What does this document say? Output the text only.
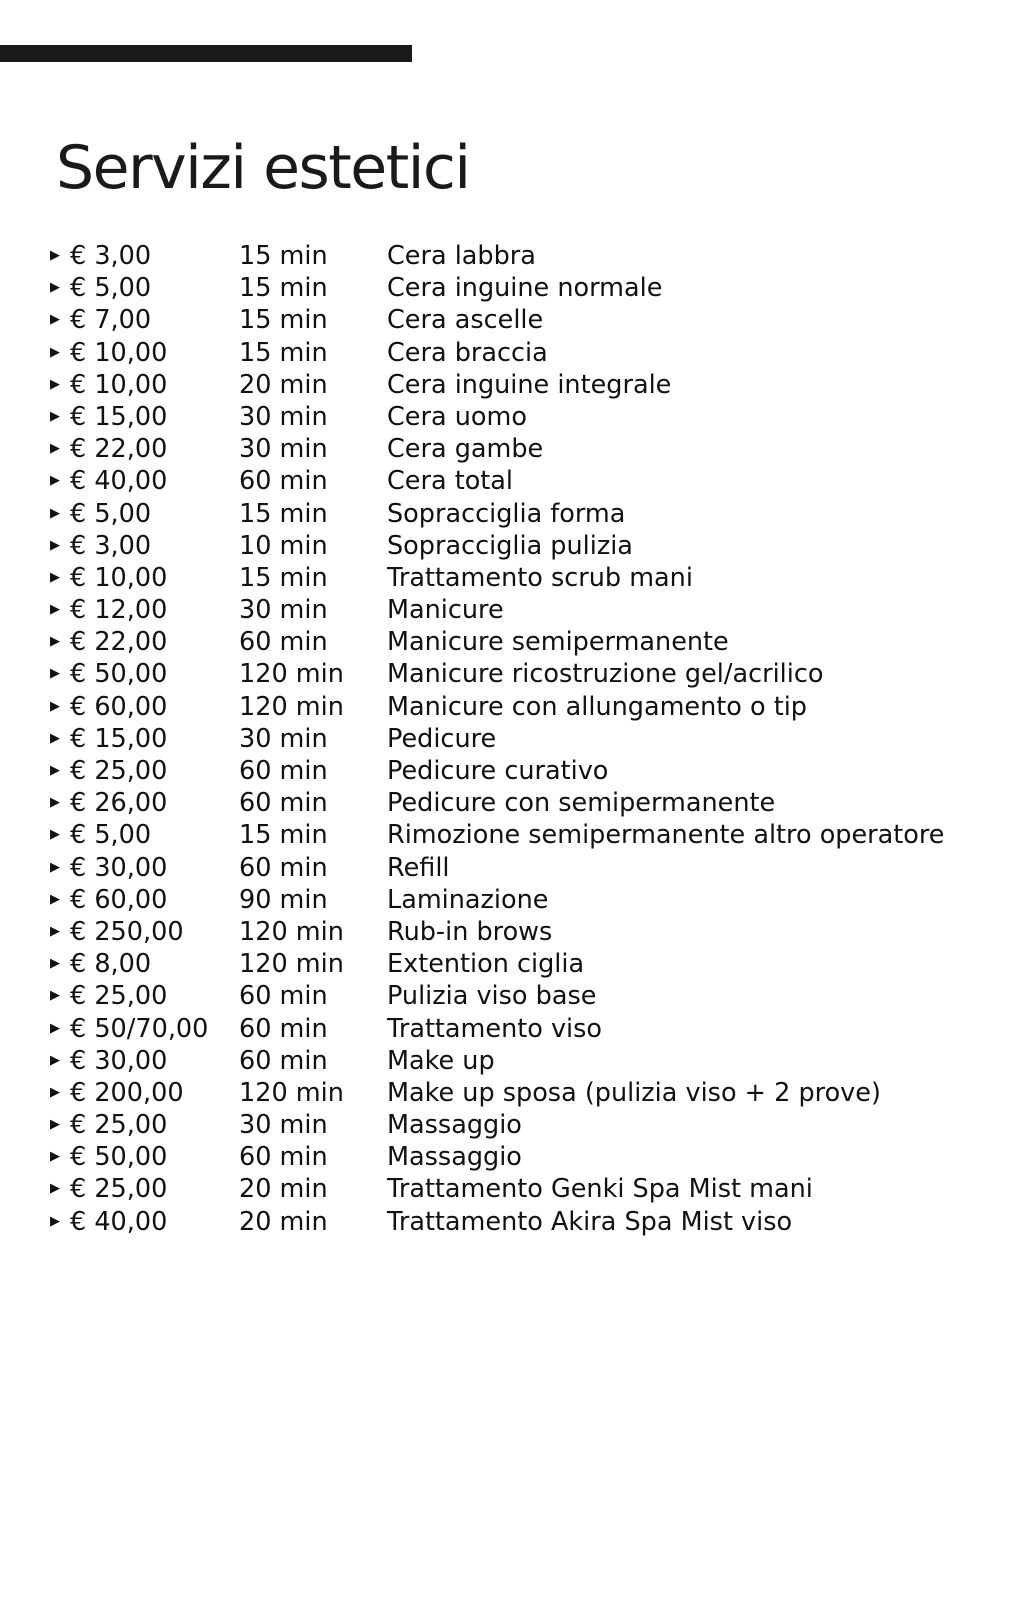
Servizi estetici
▶ € 3,00	15 min Cera labbra
▶ € 5,00	15 min Cera inguine normale
▶ € 7,00	15 min Cera ascelle
▶ € 10,00	15 min Cera braccia
▶ € 10,00	20 min Cera inguine integrale
▶ € 15,00	30 min Cera uomo
▶ € 22,00	30 min Cera gambe
▶ € 40,00	60 min Cera total
▶ € 5,00	15 min Sopracciglia forma
▶ € 3,00	10 min Sopracciglia pulizia
▶ € 10,00	15 min Trattamento scrub mani
▶ € 12,00	30 min Manicure
▶ € 22,00	60 min Manicure semipermanente
▶ € 50,00	120 min Manicure ricostruzione gel/acrilico
▶ € 60,00	120 min Manicure con allungamento o tip
▶ € 15,00	30 min Pedicure
▶ € 25,00	60 min Pedicure curativo
▶ € 26,00	60 min Pedicure con semipermanente
▶ € 5,00	15 min Rimozione semipermanente altro operatore
▶ € 30,00	60 min Refill
▶ € 60,00	90 min Laminazione
▶ € 250,00 120 min Rub-in brows
▶ € 8,00	120 min Extention ciglia
▶ € 25,00	60 min Pulizia viso base
▶ € 50/70,00 60 min Trattamento viso
▶ € 30,00	60 min Make up
▶ € 200,00 120 min Make up sposa (pulizia viso + 2 prove)
▶ € 25,00	30 min Massaggio
▶ € 50,00	60 min Massaggio
▶ € 25,00	20 min Trattamento Genki Spa Mist mani
▶ € 40,00	20 min Trattamento Akira Spa Mist viso
